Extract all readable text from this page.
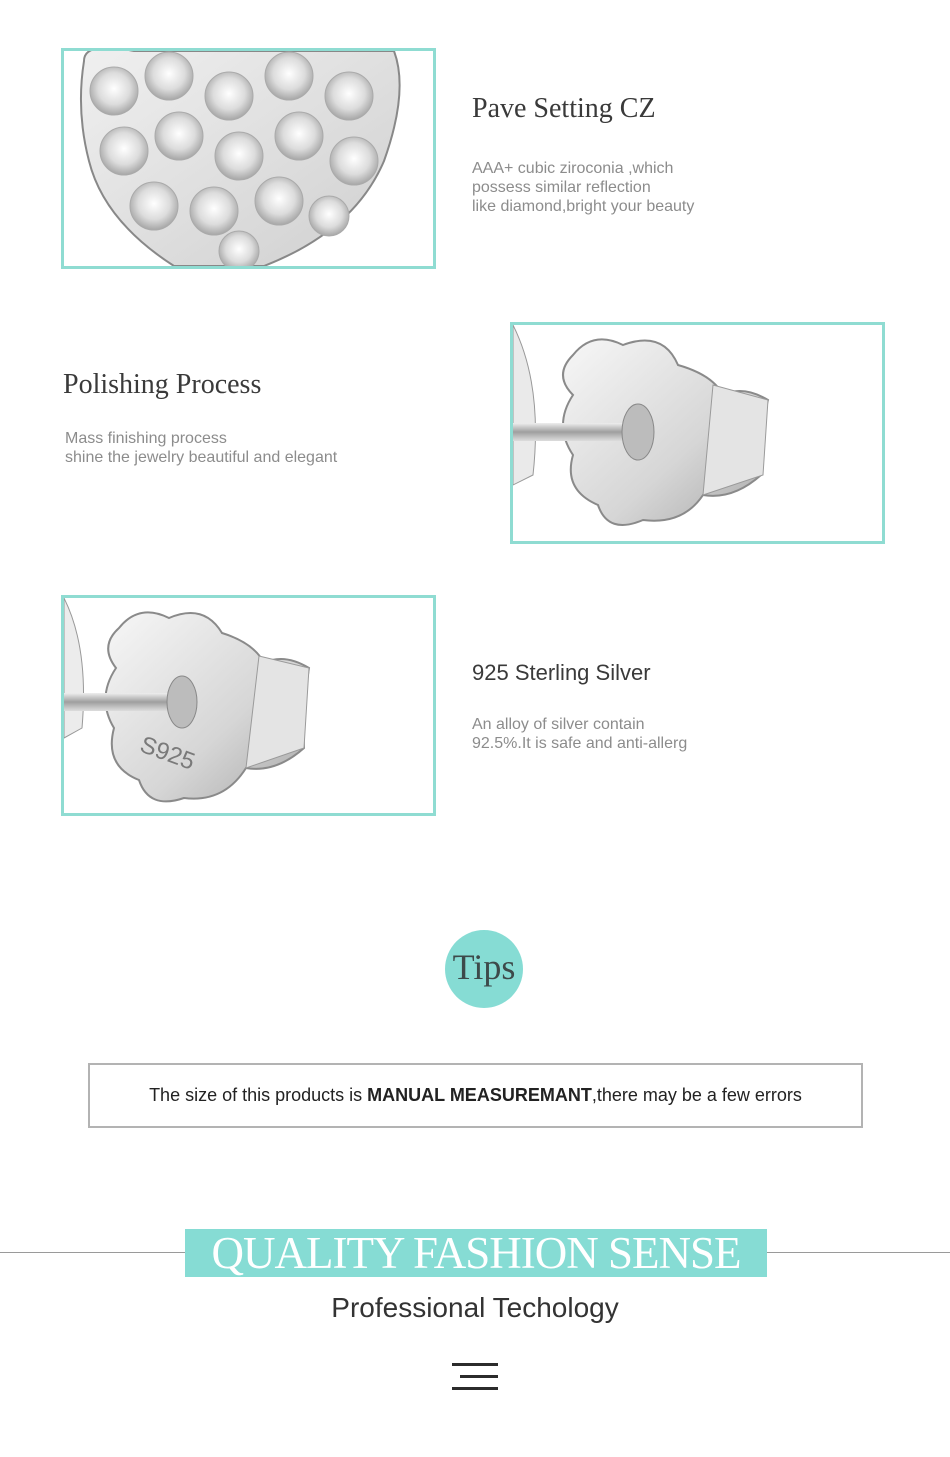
Pave Setting CZ

AAA+ cubic ziroconia ,which
possess similar reflection
like diamond,bright your beauty

Polishing Process

Mass finishing process
shine the jewelry beautiful and elegant

S925
925 Sterling Silver

An alloy of silver contain
92.5%.It is safe and anti-allerg

Tips
The size of this products is MANUAL MEASUREMANT,there may be a few errors
QUALITY FASHION SENSE
Professional Techology
